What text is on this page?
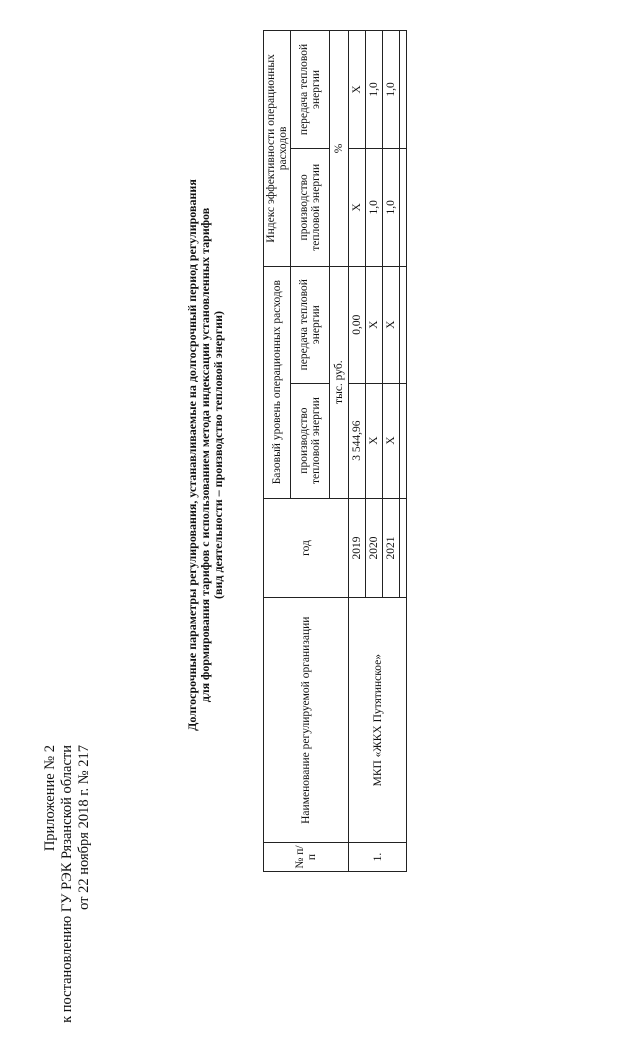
Приложение № 2 к постановлению ГУ РЭК Рязанской области от 22 ноября 2018 г. № 217
Долгосрочные параметры регулирования, устанавливаемые на долгосрочный период регулирования для формирования тарифов с использованием метода индексации установленных тарифов (вид деятельности – производство тепловой энергии)
№ п/п	Наименование регулируемой организации	год	Базовый уровень операционных расходов		Индекс эффективности операционных расходов	
			производство тепловой энергии	передача тепловой энергии	производство тепловой энергии	передача тепловой энергии
			тыс. руб.		%	
1.	МКП «ЖКХ Путятинское»	2019	3 544,96	0,00	Х	Х
		2020	Х	Х	1,0	1,0
		2021	Х	Х	1,0	1,0
